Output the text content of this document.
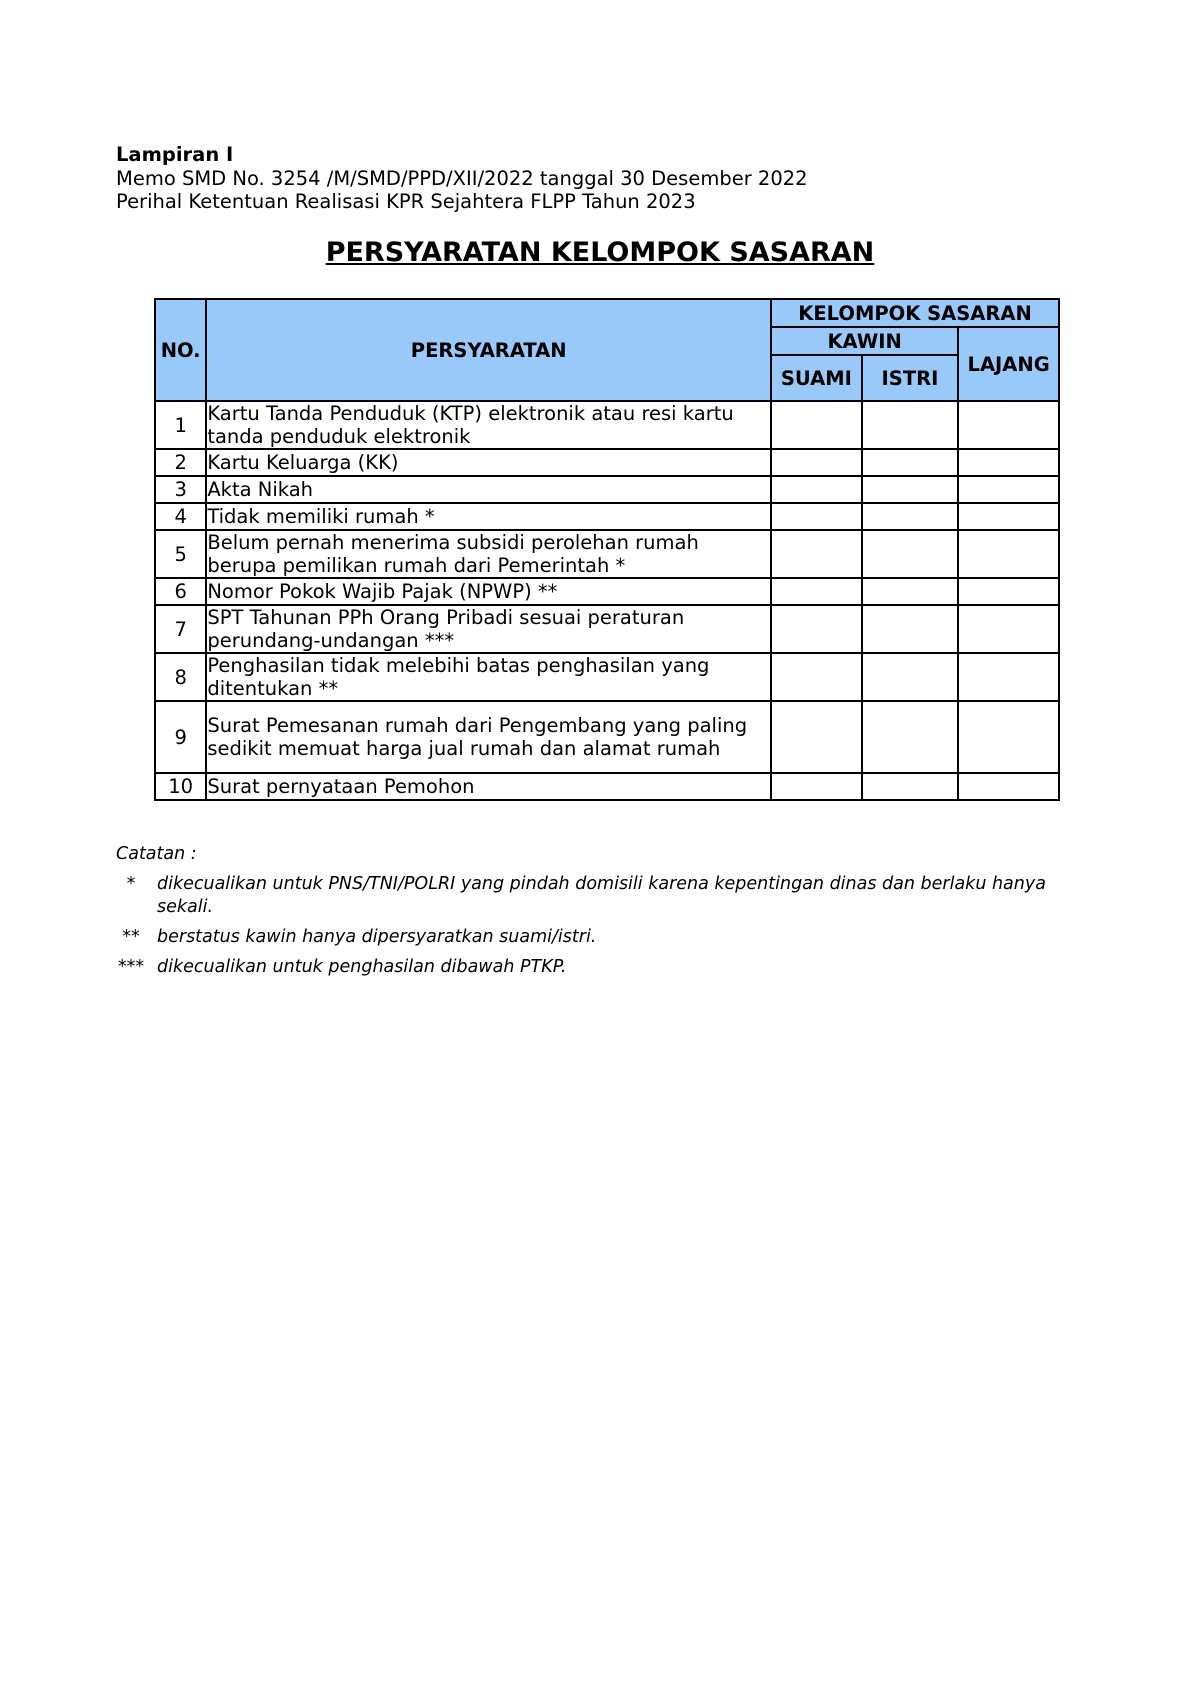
Lampiran I
Memo SMD No. 3254 /M/SMD/PPD/XII/2022 tanggal 30 Desember 2022
Perihal Ketentuan Realisasi KPR Sejahtera FLPP Tahun 2023
PERSYARATAN KELOMPOK SASARAN
NO.	PERSYARATAN	KELOMPOK SASARAN		
		KAWIN		LAJANG
		SUAMI	ISTRI	
1	Kartu Tanda Penduduk (KTP) elektronik atau resi kartu tanda penduduk elektronik			
2	Kartu Keluarga (KK)			
3	Akta Nikah			
4	Tidak memiliki rumah *			
5	Belum pernah menerima subsidi perolehan rumah berupa pemilikan rumah dari Pemerintah *			
6	Nomor Pokok Wajib Pajak (NPWP) **			
7	SPT Tahunan PPh Orang Pribadi sesuai peraturan perundang-undangan ***			
8	Penghasilan tidak melebihi batas penghasilan yang ditentukan **			
9	Surat Pemesanan rumah dari Pengembang yang paling sedikit memuat harga jual rumah dan alamat rumah			
10	Surat pernyataan Pemohon			
Catatan :
*	dikecualikan untuk PNS/TNI/POLRI yang pindah domisili karena kepentingan dinas dan berlaku hanya sekali.
** berstatus kawin hanya dipersyaratkan suami/istri.
*** dikecualikan untuk penghasilan dibawah PTKP.
